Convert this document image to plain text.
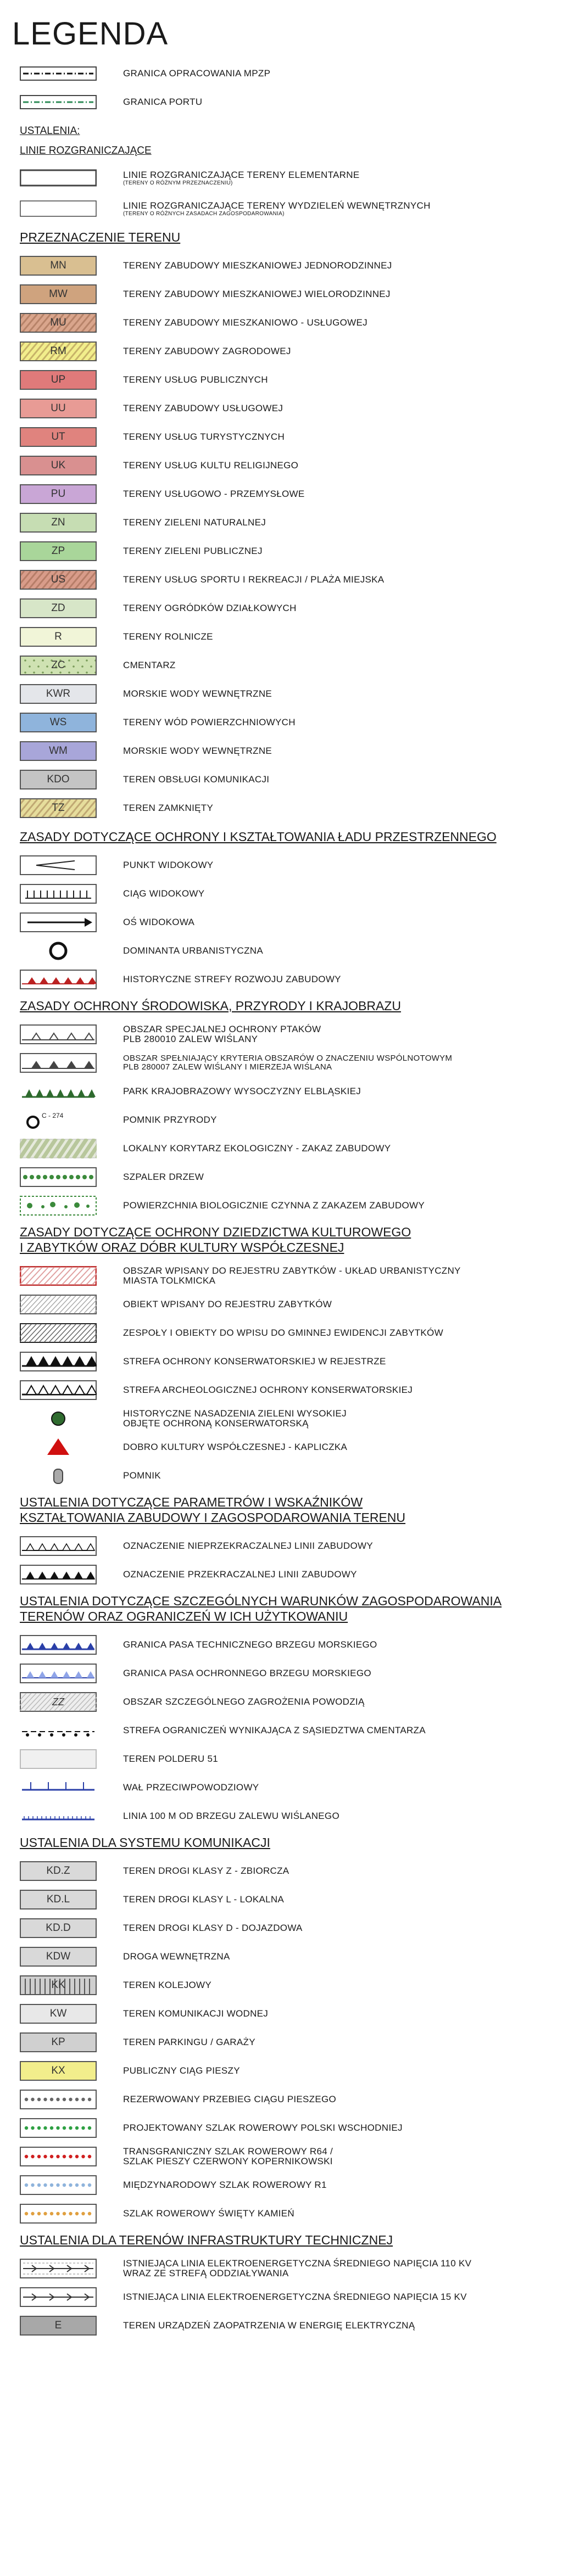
LEGENDA
GRANICA OPRACOWANIA MPZP
GRANICA PORTU
USTALENIA:
LINIE ROZGRANICZAJĄCE
LINIE ROZGRANICZAJĄCE TERENY ELEMENTARNE
(TERENY O RÓŻNYM PRZEZNACZENIU)
LINIE ROZGRANICZAJĄCE TERENY WYDZIELEŃ WEWNĘTRZNYCH
(TERENY O RÓŻNYCH ZASADACH ZAGOSPODAROWANIA)
PRZEZNACZENIE TERENU
MN	TERENY ZABUDOWY MIESZKANIOWEJ JEDNORODZINNEJ
MW	TERENY ZABUDOWY MIESZKANIOWEJ WIELORODZINNEJ
MU	TERENY ZABUDOWY MIESZKANIOWO - USŁUGOWEJ
RM	TERENY ZABUDOWY ZAGRODOWEJ
UP	TERENY USŁUG PUBLICZNYCH
UU	TERENY ZABUDOWY USŁUGOWEJ
UT	TERENY USŁUG TURYSTYCZNYCH
UK	TERENY USŁUG KULTU RELIGIJNEGO
PU	TERENY USŁUGOWO - PRZEMYSŁOWE
ZN	TERENY ZIELENI NATURALNEJ
ZP	TERENY ZIELENI PUBLICZNEJ
US	TERENY USŁUG SPORTU I REKREACJI / PLAŻA MIEJSKA
ZD	TERENY OGRÓDKÓW DZIAŁKOWYCH
R	TERENY ROLNICZE
ZC	CMENTARZ
KWR	MORSKIE WODY WEWNĘTRZNE
WS	TERENY WÓD POWIERZCHNIOWYCH
WM	MORSKIE WODY WEWNĘTRZNE
KDO	TEREN OBSŁUGI KOMUNIKACJI
TZ	TEREN ZAMKNIĘTY
ZASADY DOTYCZĄCE OCHRONY I KSZTAŁTOWANIA ŁADU PRZESTRZENNEGO
PUNKT WIDOKOWY
CIĄG WIDOKOWY
OŚ WIDOKOWA
DOMINANTA URBANISTYCZNA
HISTORYCZNE STREFY ROZWOJU ZABUDOWY
ZASADY OCHRONY ŚRODOWISKA, PRZYRODY I KRAJOBRAZU
OBSZAR SPECJALNEJ OCHRONY PTAKÓW
PLB 280010 ZALEW WIŚLANY
OBSZAR SPEŁNIAJĄCY KRYTERIA OBSZARÓW O ZNACZENIU WSPÓLNOTOWYM
PLB 280007 ZALEW WIŚLANY I MIERZEJA WIŚLANA
PARK KRAJOBRAZOWY WYSOCZYZNY ELBLĄSKIEJ
C - 274	POMNIK PRZYRODY
LOKALNY KORYTARZ EKOLOGICZNY - ZAKAZ ZABUDOWY
SZPALER DRZEW
POWIERZCHNIA BIOLOGICZNIE CZYNNA Z ZAKAZEM ZABUDOWY
ZASADY DOTYCZĄCE OCHRONY DZIEDZICTWA KULTUROWEGO
I ZABYTKÓW ORAZ DÓBR KULTURY WSPÓŁCZESNEJ
OBSZAR WPISANY DO REJESTRU ZABYTKÓW - UKŁAD URBANISTYCZNY
MIASTA TOLKMICKA
OBIEKT WPISANY DO REJESTRU ZABYTKÓW
ZESPOŁY I OBIEKTY DO WPISU DO GMINNEJ EWIDENCJI ZABYTKÓW
STREFA OCHRONY KONSERWATORSKIEJ W REJESTRZE
STREFA ARCHEOLOGICZNEJ OCHRONY KONSERWATORSKIEJ
HISTORYCZNE NASADZENIA ZIELENI WYSOKIEJ
OBJĘTE OCHRONĄ KONSERWATORSKĄ
DOBRO KULTURY WSPÓŁCZESNEJ - KAPLICZKA
POMNIK
USTALENIA DOTYCZĄCE PARAMETRÓW I WSKAŹNIKÓW
KSZTAŁTOWANIA ZABUDOWY I ZAGOSPODAROWANIA TERENU
OZNACZENIE NIEPRZEKRACZALNEJ LINII ZABUDOWY
OZNACZENIE PRZEKRACZALNEJ LINII ZABUDOWY
USTALENIA DOTYCZĄCE SZCZEGÓLNYCH WARUNKÓW ZAGOSPODAROWANIA
TERENÓW ORAZ OGRANICZEŃ W ICH UŻYTKOWANIU
GRANICA PASA TECHNICZNEGO BRZEGU MORSKIEGO
GRANICA PASA OCHRONNEGO BRZEGU MORSKIEGO
ZZ	OBSZAR SZCZEGÓLNEGO ZAGROŻENIA POWODZIĄ
STREFA OGRANICZEŃ WYNIKAJĄCA Z SĄSIEDZTWA CMENTARZA
TEREN POLDERU 51
WAŁ PRZECIWPOWODZIOWY
LINIA 100 M OD BRZEGU ZALEWU WIŚLANEGO
USTALENIA DLA SYSTEMU KOMUNIKACJI
KD.Z	TEREN DROGI KLASY Z - ZBIORCZA
KD.L	TEREN DROGI KLASY L - LOKALNA
KD.D	TEREN DROGI KLASY D - DOJAZDOWA
KDW	DROGA WEWNĘTRZNA
KK	TEREN KOLEJOWY
KW	TEREN KOMUNIKACJI WODNEJ
KP	TEREN PARKINGU / GARAŻY
KX	PUBLICZNY CIĄG PIESZY
REZERWOWANY PRZEBIEG CIĄGU PIESZEGO
PROJEKTOWANY SZLAK ROWEROWY POLSKI WSCHODNIEJ
TRANSGRANICZNY SZLAK ROWEROWY R64 /
SZLAK PIESZY CZERWONY KOPERNIKOWSKI
MIĘDZYNARODOWY SZLAK ROWEROWY R1
SZLAK ROWEROWY ŚWIĘTY KAMIEŃ
USTALENIA DLA TERENÓW INFRASTRUKTURY TECHNICZNEJ
ISTNIEJĄCA LINIA ELEKTROENERGETYCZNA ŚREDNIEGO NAPIĘCIA 110 KV
WRAZ ZE STREFĄ ODDZIAŁYWANIA
ISTNIEJĄCA LINIA ELEKTROENERGETYCZNA ŚREDNIEGO NAPIĘCIA 15 KV
E	TEREN URZĄDZEŃ ZAOPATRZENIA W ENERGIĘ ELEKTRYCZNĄ
